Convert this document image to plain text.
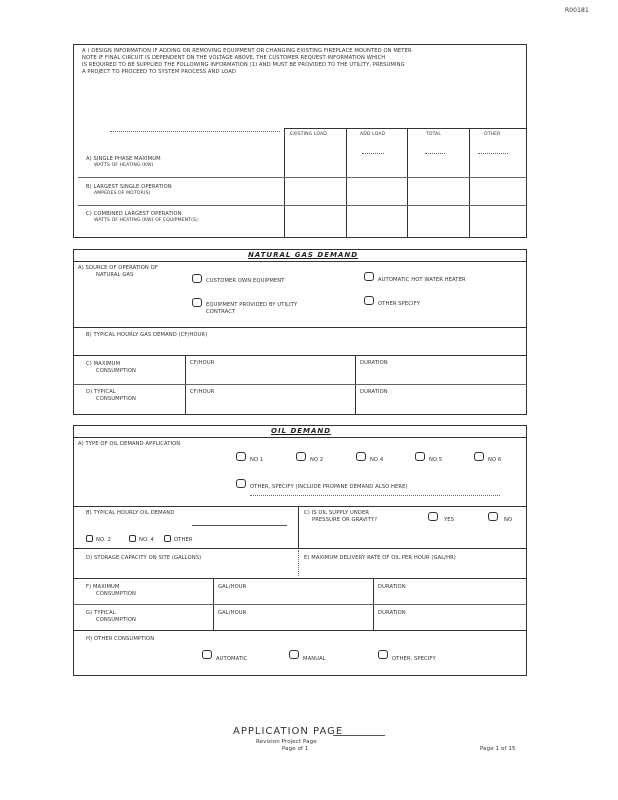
R00181
A ) DESIGN INFORMATION IF ADDING OR REMOVING EQUIPMENT OR CHANGING EXISTING FIREPLACE MOUNTED ON METER
NOTE IF FINAL CIRCUIT IS DEPENDENT ON THE VOLTAGE ABOVE, THE CUSTOMER REQUEST INFORMATION WHICH
IS REQUIRED TO BE SUPPLIED THE FOLLOWING INFORMATION (1) AND MUST BE PROVIDED TO THE UTILITY, PRESUMING
A PROJECT TO PROCEED TO SYSTEM PROCESS AND LOAD
EXISTING LOAD	ADD LOAD	TOTAL	OTHER
A) SINGLE PHASE MAXIMUM
WATTS OF HEATING (KW)
B) LARGEST SINGLE OPERATION
AMPERES OF MOTOR(S)
C) COMBINED LARGEST OPERATION
WATTS OF HEATING (KW) OF EQUIPMENT(S)
NATURAL GAS DEMAND
A) SOURCE OF OPERATION OF
NATURAL GAS
CUSTOMER OWN EQUIPMENT	AUTOMATIC HOT WATER HEATER
EQUIPMENT PROVIDED BY UTILITY
CONTRACT
OTHER SPECIFY
B) TYPICAL HOURLY GAS DEMAND (CF/HOUR)
C) MAXIMUM
CONSUMPTION
CF/HOUR	DURATION
D) TYPICAL
CONSUMPTION
CF/HOUR	DURATION
OIL DEMAND
A) TYPE OF OIL DEMAND APPLICATION
NO 1	NO 2	NO 4	NO 5	NO 6
OTHER, SPECIFY (INCLUDE PROPANE DEMAND ALSO HERE)
B) TYPICAL HOURLY OIL DEMAND
NO. 2	NO. 4	OTHER
C) IS OIL SUPPLY UNDER
PRESSURE OR GRAVITY?	YES	NO
D) STORAGE CAPACITY ON SITE (GALLONS)	E) MAXIMUM DELIVERY RATE OF OIL PER HOUR (GAL/HR)
F) MAXIMUM
CONSUMPTION
GAL/HOUR	DURATION
G) TYPICAL
CONSUMPTION
GAL/HOUR	DURATION
H) OTHER CONSUMPTION
AUTOMATIC	MANUAL	OTHER, SPECIFY
APPLICATION PAGE
Revision Project Page
Page of 1	Page 1 of 15
